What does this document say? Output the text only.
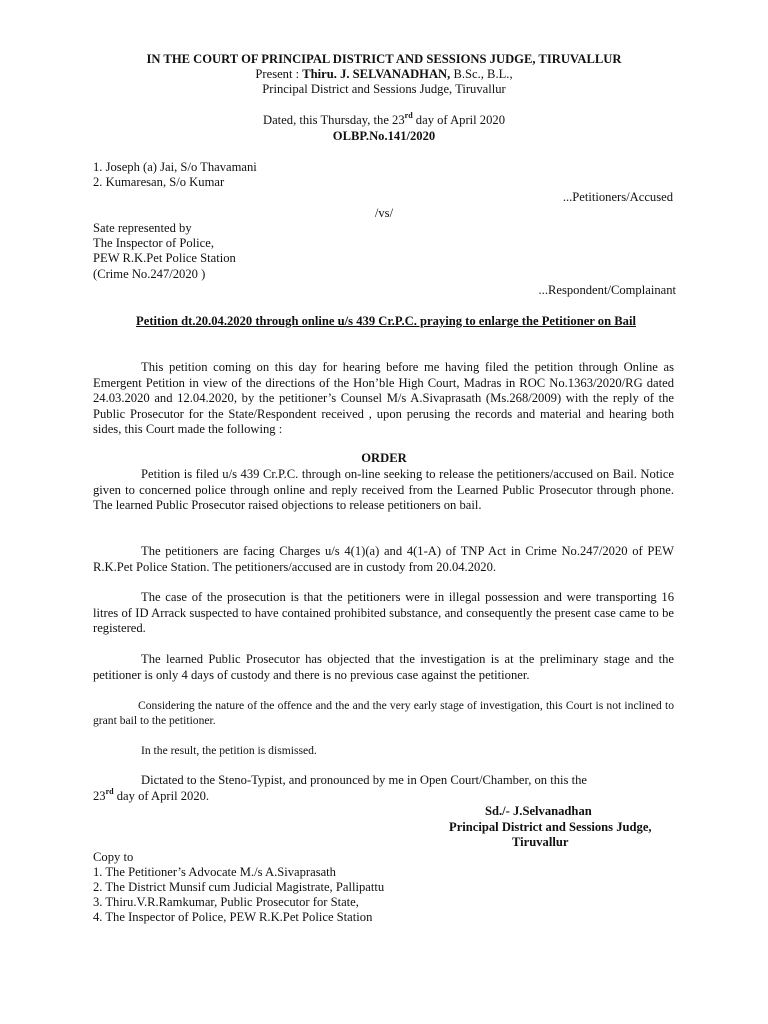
IN THE COURT OF PRINCIPAL DISTRICT AND SESSIONS JUDGE, TIRUVALLUR
Present : Thiru. J. SELVANADHAN, B.Sc., B.L.,
Principal District and Sessions Judge, Tiruvallur
Dated, this Thursday, the 23rd day of April 2020
OLBP.No.141/2020
1. Joseph (a) Jai, S/o Thavamani
2. Kumaresan, S/o Kumar
...Petitioners/Accused
/vs/
Sate represented by
The Inspector of Police,
PEW R.K.Pet Police Station
(Crime No.247/2020 )
...Respondent/Complainant
Petition dt.20.04.2020 through online u/s 439 Cr.P.C. praying to enlarge the Petitioner on Bail
This petition coming on this day for hearing before me having filed the petition through Online as Emergent Petition in view of the directions of the Hon’ble High Court, Madras in ROC No.1363/2020/RG dated 24.03.2020 and 12.04.2020, by the petitioner’s Counsel M/s A.Sivaprasath (Ms.268/2009) with the reply of the Public Prosecutor for the State/Respondent received , upon perusing the records and material and hearing both sides, this Court made the following :
ORDER
Petition is filed u/s 439 Cr.P.C. through on-line seeking to release the petitioners/accused on Bail. Notice given to concerned police through online and reply received from the Learned Public Prosecutor through phone. The learned Public Prosecutor raised objections to release petitioners on bail.
The petitioners are facing Charges u/s 4(1)(a) and 4(1-A) of TNP Act in Crime No.247/2020 of PEW R.K.Pet Police Station. The petitioners/accused are in custody from 20.04.2020.
The case of the prosecution is that the petitioners were in illegal possession and were transporting 16 litres of ID Arrack suspected to have contained prohibited substance, and consequently the present case came to be registered.
The learned Public Prosecutor has objected that the investigation is at the preliminary stage and the petitioner is only 4 days of custody and there is no previous case against the petitioner.
Considering the nature of the offence and the and the very early stage of investigation, this Court is not inclined to grant bail to the petitioner.
In the result, the petition is dismissed.
Dictated to the Steno-Typist, and pronounced by me in Open Court/Chamber, on this the
23rd day of April 2020.
Sd./- J.Selvanadhan
Principal District and Sessions Judge,
Tiruvallur
Copy to
1. The Petitioner’s Advocate M./s A.Sivaprasath
2. The District Munsif cum Judicial Magistrate, Pallipattu
3. Thiru.V.R.Ramkumar, Public Prosecutor for State,
4. The Inspector of Police, PEW R.K.Pet Police Station
